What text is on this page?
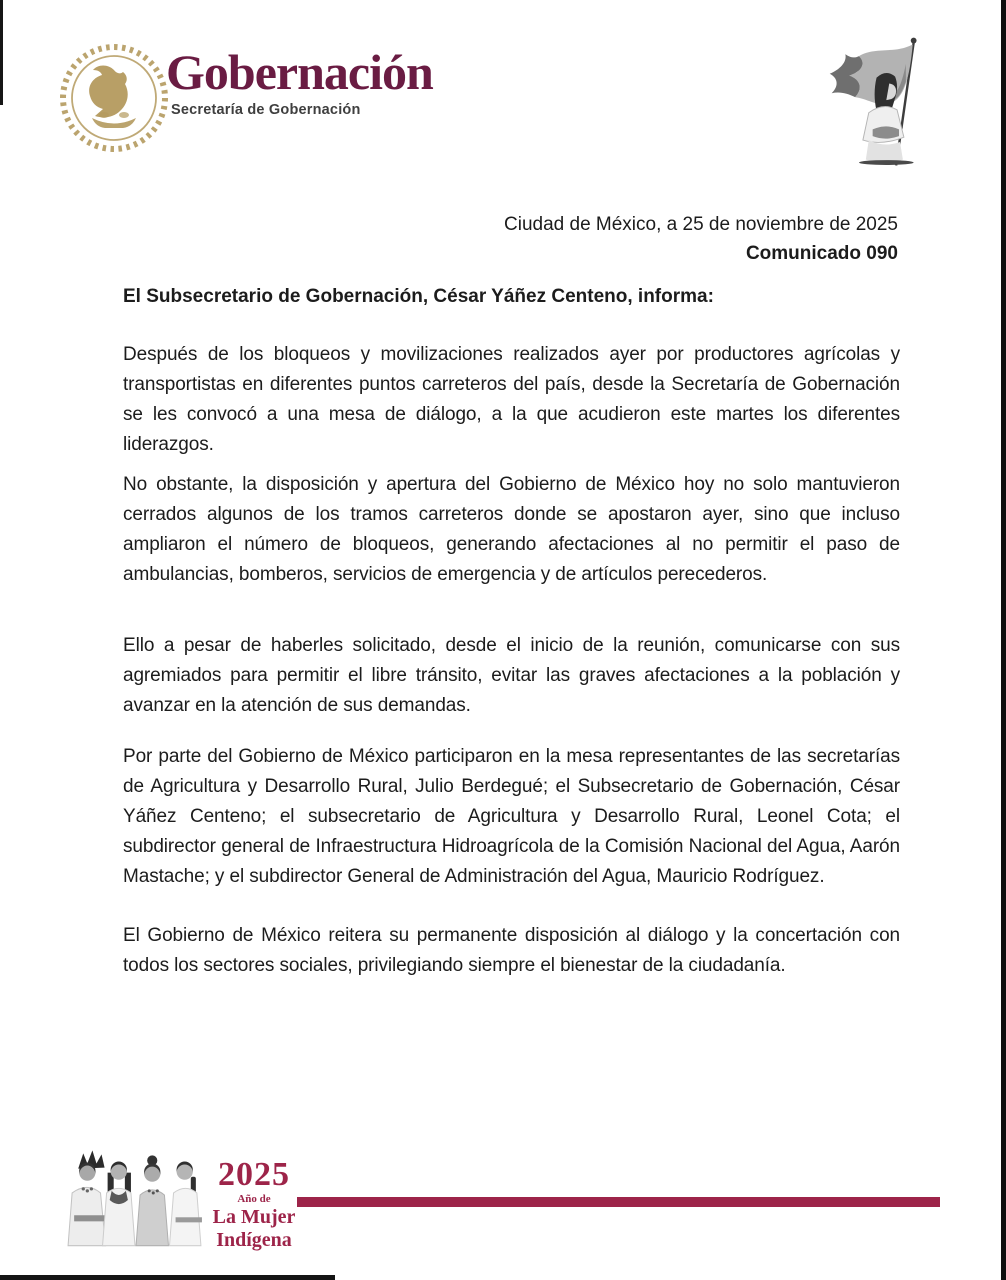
Gobernación
Secretaría de Gobernación
Ciudad de México, a 25 de noviembre de 2025
Comunicado 090
El Subsecretario de Gobernación, César Yáñez Centeno, informa:

Después de los bloqueos y movilizaciones realizados ayer por productores agrícolas y transportistas en diferentes puntos carreteros del país, desde la Secretaría de Gobernación se les convocó a una mesa de diálogo, a la que acudieron este martes los diferentes liderazgos.

No obstante, la disposición y apertura del Gobierno de México hoy no solo mantuvieron cerrados algunos de los tramos carreteros donde se apostaron ayer, sino que incluso ampliaron el número de bloqueos, generando afectaciones al no permitir el paso de ambulancias, bomberos, servicios de emergencia y de artículos perecederos.

Ello a pesar de haberles solicitado, desde el inicio de la reunión, comunicarse con sus agremiados para permitir el libre tránsito, evitar las graves afectaciones a la población y avanzar en la atención de sus demandas.

Por parte del Gobierno de México participaron en la mesa representantes de las secretarías de Agricultura y Desarrollo Rural, Julio Berdegué; el Subsecretario de Gobernación, César Yáñez Centeno; el subsecretario de Agricultura y Desarrollo Rural, Leonel Cota; el subdirector general de Infraestructura Hidroagrícola de la Comisión Nacional del Agua, Aarón Mastache; y el subdirector General de Administración del Agua, Mauricio Rodríguez.

El Gobierno de México reitera su permanente disposición al diálogo y la concertación con todos los sectores sociales, privilegiando siempre el bienestar de la ciudadanía.

2025
Año de
La Mujer
Indígena
